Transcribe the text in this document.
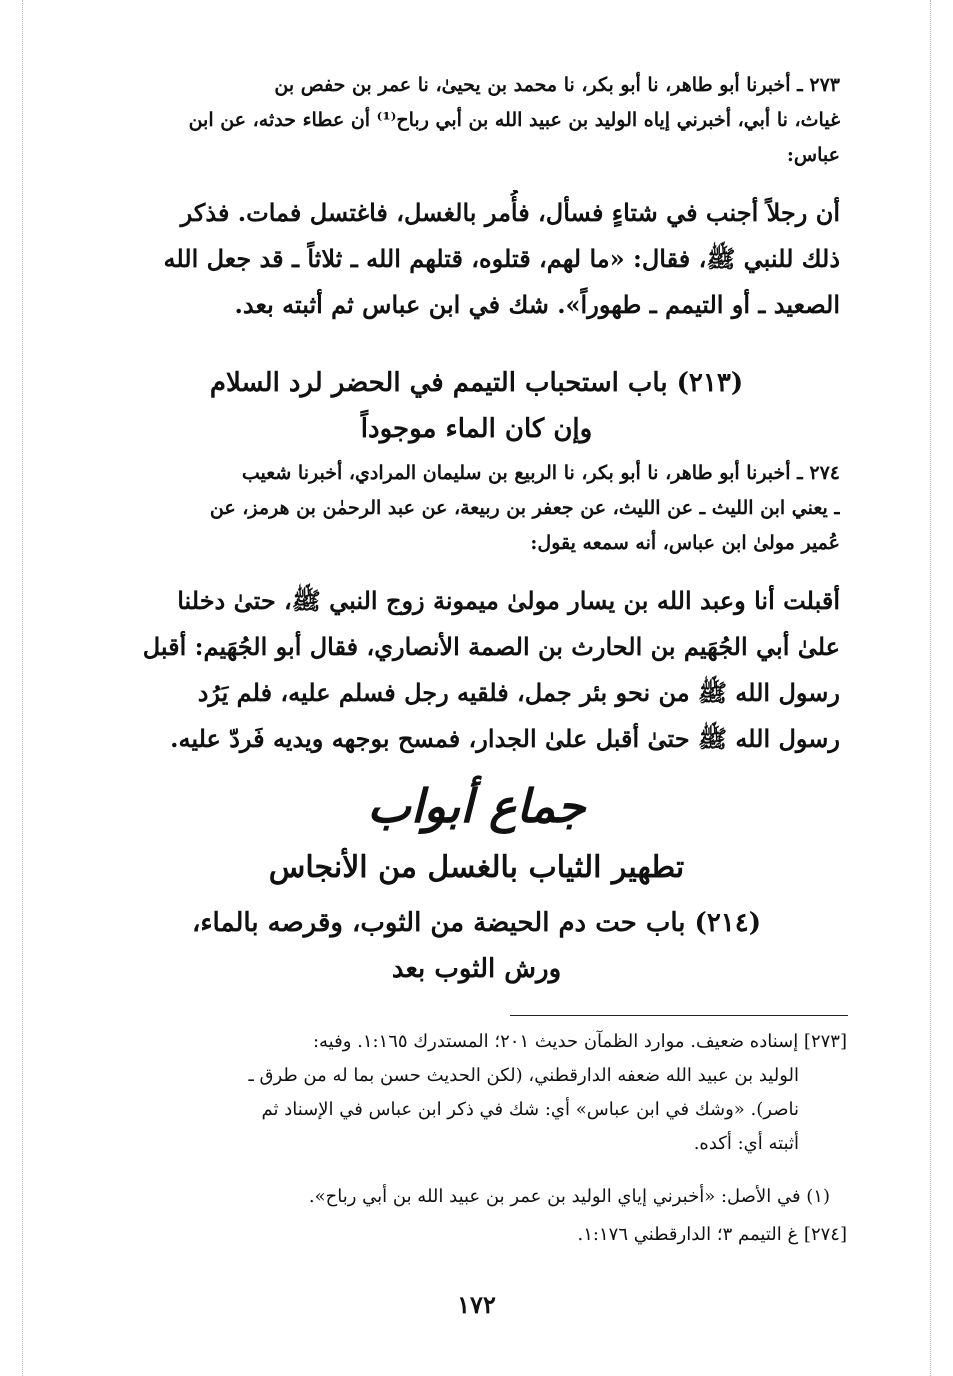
٢٧٣ ـ أخبرنا أبو طاهر، نا أبو بكر، نا محمد بن يحيىٰ، نا عمر بن حفص بن
غياث، نا أبي، أخبرني إياه الوليد بن عبيد الله بن أبي رباح⁽¹⁾ أن عطاء حدثه، عن ابن
عباس:
أن رجلاً أجنب في شتاءٍ فسأل، فأُمر بالغسل، فاغتسل فمات. فذكر
ذلك للنبي ﷺ، فقال: «ما لهم، قتلوه، قتلهم الله ـ ثلاثاً ـ قد جعل الله
الصعيد ـ أو التيمم ـ طهوراً». شك في ابن عباس ثم أثبته بعد.
(٢١٣) باب استحباب التيمم في الحضر لرد السلام
وإن كان الماء موجوداً
٢٧٤ ـ أخبرنا أبو طاهر، نا أبو بكر، نا الربيع بن سليمان المرادي، أخبرنا شعيب
ـ يعني ابن الليث ـ عن الليث، عن جعفر بن ربيعة، عن عبد الرحمٰن بن هرمز، عن
عُمير مولىٰ ابن عباس، أنه سمعه يقول:
أقبلت أنا وعبد الله بن يسار مولىٰ ميمونة زوج النبي ﷺ، حتىٰ دخلنا
علىٰ أبي الجُهَيم بن الحارث بن الصمة الأنصاري، فقال أبو الجُهَيم: أقبل
رسول الله ﷺ من نحو بئر جمل، فلقيه رجل فسلم عليه، فلم يَرُد
رسول الله ﷺ حتىٰ أقبل علىٰ الجدار، فمسح بوجهه ويديه فَردّ عليه.
جماع أبواب
تطهير الثياب بالغسل من الأنجاس
(٢١٤) باب حت دم الحيضة من الثوب، وقرصه بالماء،
ورش الثوب بعد
[٢٧٣] إسناده ضعيف. موارد الظمآن حديث ٢٠١؛ المستدرك ١:١٦٥. وفيه:
الوليد بن عبيد الله ضعفه الدارقطني، (لكن الحديث حسن بما له من طرق ـ
ناصر). «وشك في ابن عباس» أي: شك في ذكر ابن عباس في الإسناد ثم
أثبته أي: أكده.
(١) في الأصل: «أخبرني إياي الوليد بن عمر بن عبيد الله بن أبي رباح».
[٢٧٤] غ التيمم ٣؛ الدارقطني ١:١٧٦.
١٧٢
